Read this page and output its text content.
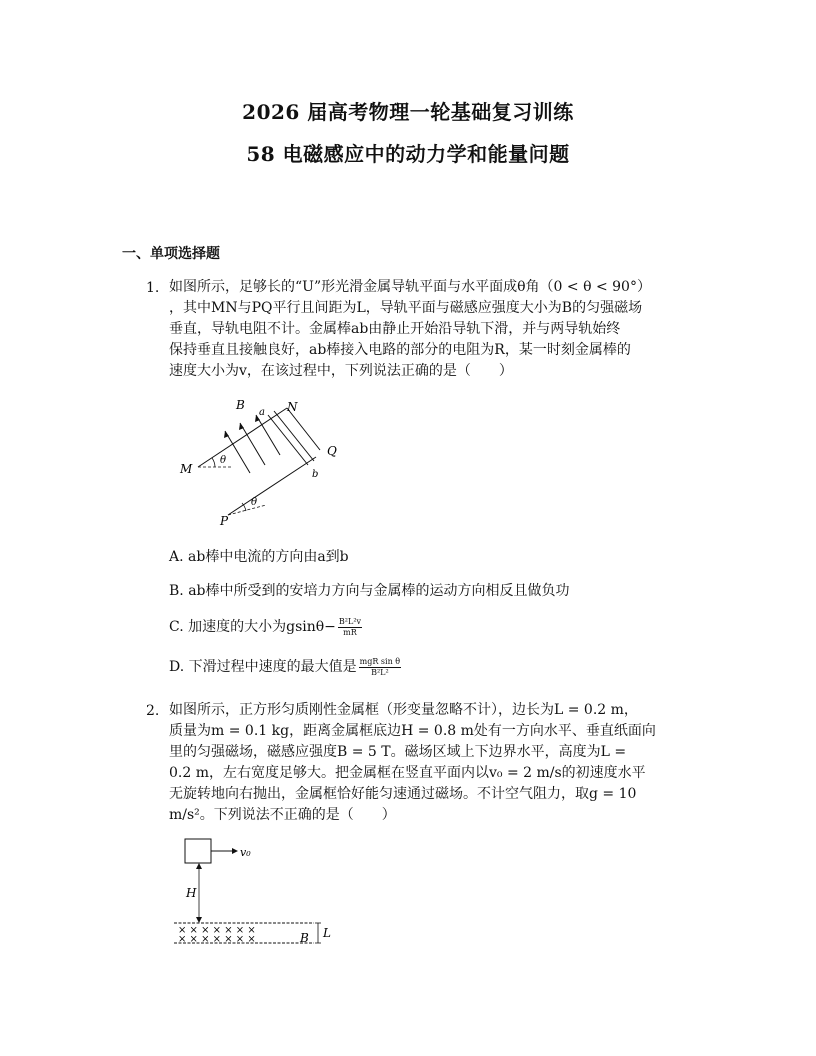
2026 届高考物理一轮基础复习训练
58 电磁感应中的动力学和能量问题
一、单项选择题
1. 如图所示，足够长的“U”形光滑金属导轨平面与水平面成θ角（0 < θ < 90°）
，其中MN与PQ平行且间距为L，导轨平面与磁感应强度大小为B的匀强磁场
垂直，导轨电阻不计。金属棒ab由静止开始沿导轨下滑，并与两导轨始终
保持垂直且接触良好，ab棒接入电路的部分的电阻为R，某一时刻金属棒的
速度大小为v，在该过程中，下列说法正确的是（　　）
B
a N
Q
M	b
P
θ
θ
A. ab棒中电流的方向由a到b
B. ab棒中所受到的安培力方向与金属棒的运动方向相反且做负功
C. 加速度的大小为$gsin\theta- \frac{\text{B²L²v}}{mR}$
D. 下滑过程中速度的最大值是 $\frac{\text{mgR sin θ}}{\text{B²L²}}$
2. 如图所示，正方形匀质刚性金属框（形变量忽略不计），边长为L = 0.2 m，
质量为m = 0.1 kg，距离金属框底边H = 0.8 m处有一方向水平、垂直纸面向
里的匀强磁场，磁感应强度B = 5 T。磁场区域上下边界水平，高度为L =
0.2 m，左右宽度足够大。把金属框在竖直平面内以v₀ = 2 m/s的初速度水平
无旋转地向右抛出，金属框恰好能匀速通过磁场。不计空气阻力，取g = 10
m/s²。下列说法不正确的是（　　）
v₀
H
× × × × × × ×
× × × × × × ×	B L
